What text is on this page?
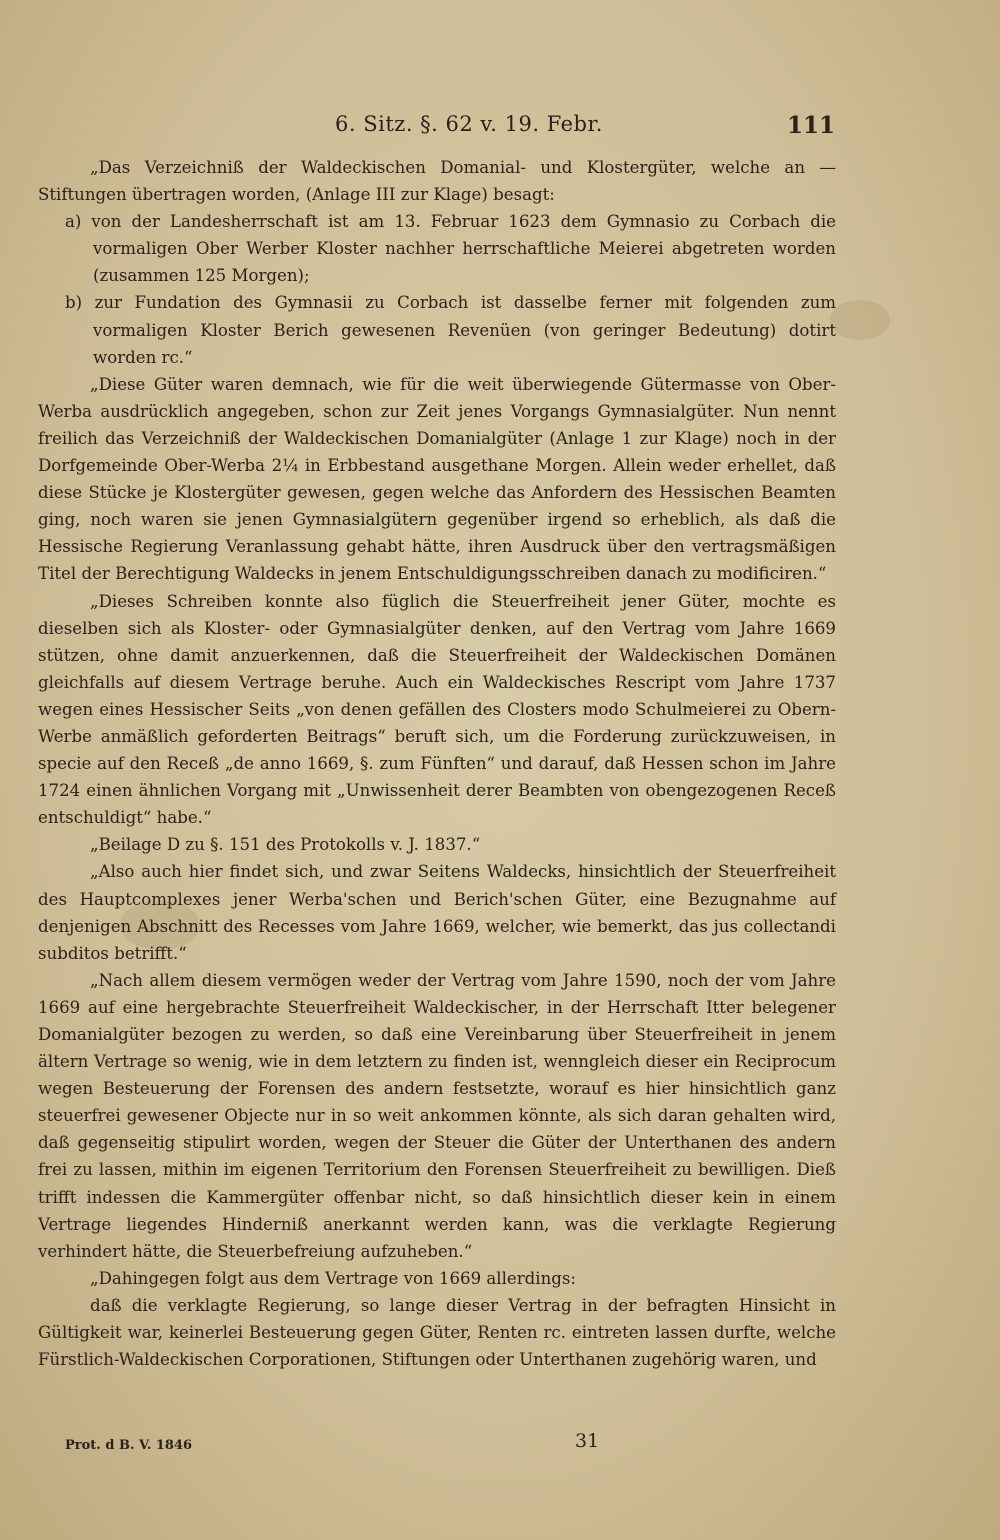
6. Sitz. §. 62 v. 19. Febr.	111

„Das Verzeichniß der Waldeckischen Domanial- und Klostergüter, welche an — Stiftungen übertragen worden, (Anlage III zur Klage) besagt:

a) von der Landesherrschaft ist am 13. Februar 1623 dem Gymnasio zu Corbach die vormaligen Ober Werber Kloster nachher herrschaftliche Meierei abgetreten worden (zusammen 125 Morgen);

b) zur Fundation des Gymnasii zu Corbach ist dasselbe ferner mit folgenden zum vormaligen Kloster Berich gewesenen Revenüen (von geringer Bedeutung) dotirt worden rc.“

„Diese Güter waren demnach, wie für die weit überwiegende Gütermasse von Ober-Werba ausdrücklich angegeben, schon zur Zeit jenes Vorgangs Gymnasialgüter. Nun nennt freilich das Verzeichniß der Waldeckischen Domanialgüter (Anlage 1 zur Klage) noch in der Dorfgemeinde Ober-Werba 2¼ in Erbbestand ausgethane Morgen. Allein weder erhellet, daß diese Stücke je Klostergüter gewesen, gegen welche das Anfordern des Hessischen Beamten ging, noch waren sie jenen Gymnasialgütern gegenüber irgend so erheblich, als daß die Hessische Regierung Veranlassung gehabt hätte, ihren Ausdruck über den vertragsmäßigen Titel der Berechtigung Waldecks in jenem Entschuldigungsschreiben danach zu modificiren.“

„Dieses Schreiben konnte also füglich die Steuerfreiheit jener Güter, mochte es dieselben sich als Kloster- oder Gymnasialgüter denken, auf den Vertrag vom Jahre 1669 stützen, ohne damit anzuerkennen, daß die Steuerfreiheit der Waldeckischen Domänen gleichfalls auf diesem Vertrage beruhe. Auch ein Waldeckisches Rescript vom Jahre 1737 wegen eines Hessischer Seits „von denen gefällen des Closters modo Schulmeierei zu Obern-Werbe anmäßlich geforderten Beitrags“ beruft sich, um die Forderung zurückzuweisen, in specie auf den Receß „de anno 1669, §. zum Fünften“ und darauf, daß Hessen schon im Jahre 1724 einen ähnlichen Vorgang mit „Unwissenheit derer Beambten von obengezogenen Receß entschuldigt“ habe.“

„Beilage D zu §. 151 des Protokolls v. J. 1837.“

„Also auch hier findet sich, und zwar Seitens Waldecks, hinsichtlich der Steuerfreiheit des Hauptcomplexes jener Werba'schen und Berich'schen Güter, eine Bezugnahme auf denjenigen Abschnitt des Recesses vom Jahre 1669, welcher, wie bemerkt, das jus collectandi subditos betrifft.“

„Nach allem diesem vermögen weder der Vertrag vom Jahre 1590, noch der vom Jahre 1669 auf eine hergebrachte Steuerfreiheit Waldeckischer, in der Herrschaft Itter belegener Domanialgüter bezogen zu werden, so daß eine Vereinbarung über Steuerfreiheit in jenem ältern Vertrage so wenig, wie in dem letztern zu finden ist, wenngleich dieser ein Reciprocum wegen Besteuerung der Forensen des andern festsetzte, worauf es hier hinsichtlich ganz steuerfrei gewesener Objecte nur in so weit ankommen könnte, als sich daran gehalten wird, daß gegenseitig stipulirt worden, wegen der Steuer die Güter der Unterthanen des andern frei zu lassen, mithin im eigenen Territorium den Forensen Steuerfreiheit zu bewilligen. Dieß trifft indessen die Kammergüter offenbar nicht, so daß hinsichtlich dieser kein in einem Vertrage liegendes Hinderniß anerkannt werden kann, was die verklagte Regierung verhindert hätte, die Steuerbefreiung aufzuheben.“

„Dahingegen folgt aus dem Vertrage von 1669 allerdings:

daß die verklagte Regierung, so lange dieser Vertrag in der befragten Hinsicht in Gültigkeit war, keinerlei Besteuerung gegen Güter, Renten rc. eintreten lassen durfte, welche Fürstlich-Waldeckischen Corporationen, Stiftungen oder Unterthanen zugehörig waren, und

Prot. d B. V. 1846	31
